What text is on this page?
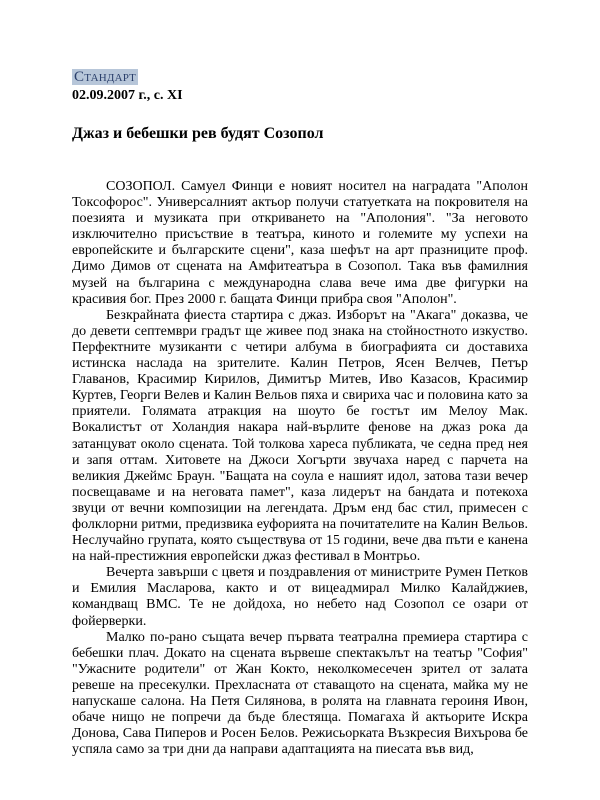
Стандарт
02.09.2007 г., с. XI
Джаз и бебешки рев будят Созопол

СОЗОПОЛ. Самуел Финци е новият носител на наградата "Аполон Токсофорос". Универсалният актьор получи статуетката на покровителя на поезията и музиката при откриването на "Аполония". "За неговото изключително присъствие в театъра, киното и големите му успехи на европейските и българските сцени", каза шефът на арт празниците проф. Димо Димов от сцената на Амфитеатъра в Созопол. Така във фамилния музей на българина с международна слава вече има две фигурки на красивия бог. През 2000 г. бащата Финци прибра своя "Аполон".

Безкрайната фиеста стартира с джаз. Изборът на "Акага" доказва, че до девети септември градът ще живее под знака на стойностното изкуство. Перфектните музиканти с четири албума в биографията си доставиха истинска наслада на зрителите. Калин Петров, Ясен Велчев, Петър Главанов, Красимир Кирилов, Димитър Митев, Иво Казасов, Красимир Куртев, Георги Велев и Калин Вельов пяха и свириха час и половина като за приятели. Голямата атракция на шоуто бе гостът им Мелоу Мак. Вокалистът от Холандия накара най-върлите фенове на джаз рока да затанцуват около сцената. Той толкова хареса публиката, че седна пред нея и запя оттам. Хитовете на Джоси Хогърти звучаха наред с парчета на великия Джеймс Браун. "Бащата на соула е нашият идол, затова тази вечер посвещаваме и на неговата памет", каза лидерът на бандата и потекоха звуци от вечни композиции на легендата. Дръм енд бас стил, примесен с фолклорни ритми, предизвика еуфорията на почитателите на Калин Вельов. Неслучайно групата, която съществува от 15 години, вече два пъти е канена на най-престижния европейски джаз фестивал в Монтрьо.

Вечерта завърши с цветя и поздравления от министрите Румен Петков и Емилия Масларова, както и от вицеадмирал Милко Калайджиев, командващ ВМС. Те не дойдоха, но небето над Созопол се озари от фойерверки.

Малко по-рано същата вечер първата театрална премиера стартира с бебешки плач. Докато на сцената вървеше спектакълът на театър "София" "Ужасните родители" от Жан Кокто, неколкомесечен зрител от залата ревеше на пресекулки. Прехласната от ставащото на сцената, майка му не напускаше салона. На Петя Силянова, в ролята на главната героиня Ивон, обаче нищо не попречи да бъде блестяща. Помагаха й актьорите Искра Донова, Сава Пиперов и Росен Белов. Режисьорката Възкресия Вихърова бе успяла само за три дни да направи адаптацията на пиесата във вид,
